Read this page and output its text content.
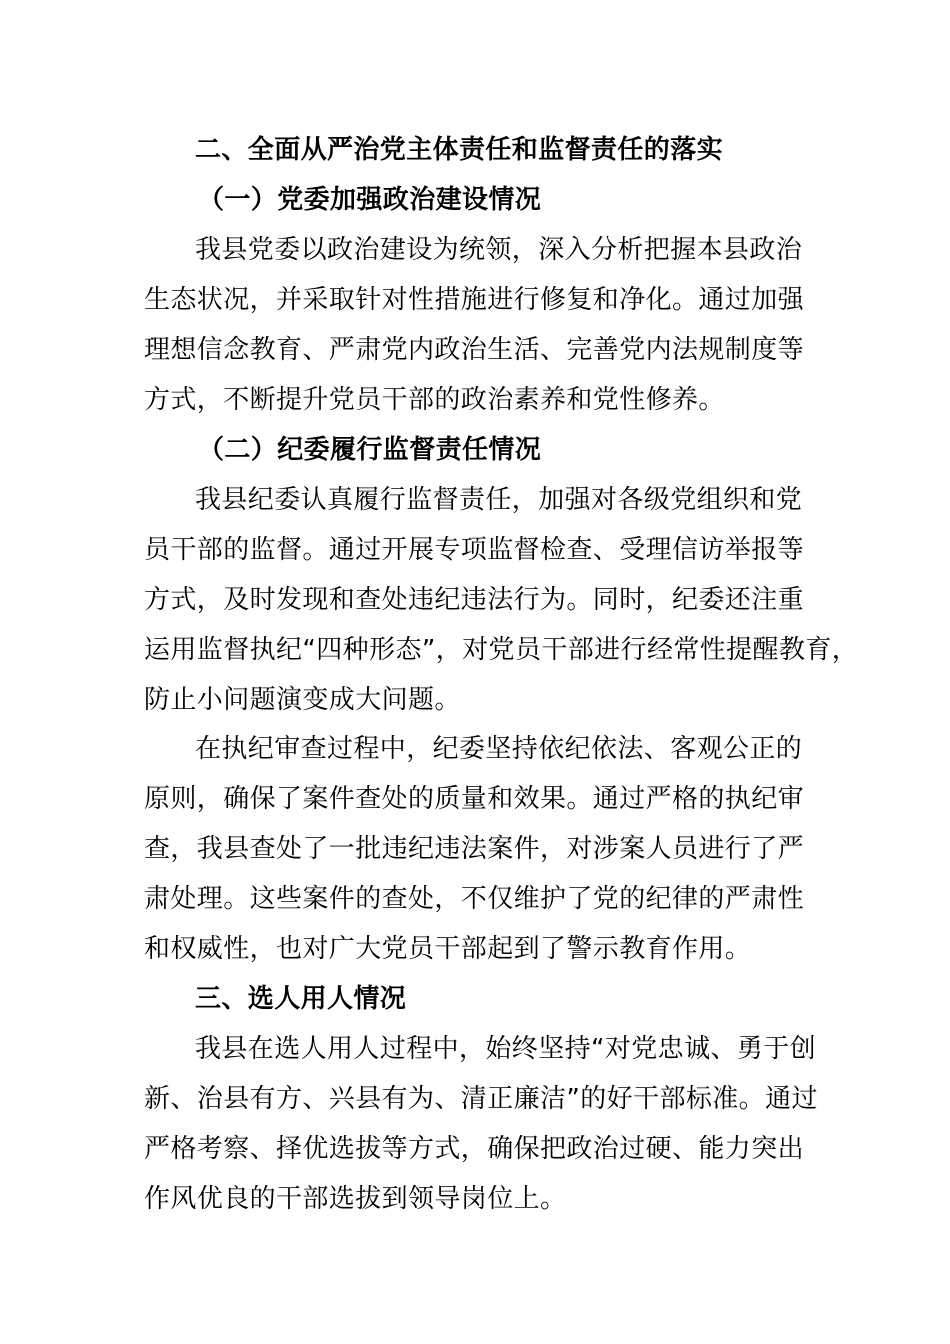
二、全面从严治党主体责任和监督责任的落实
（一）党委加强政治建设情况
我县党委以政治建设为统领，深入分析把握本县政治
生态状况，并采取针对性措施进行修复和净化。通过加强
理想信念教育、严肃党内政治生活、完善党内法规制度等
方式，不断提升党员干部的政治素养和党性修养。
（二）纪委履行监督责任情况
我县纪委认真履行监督责任，加强对各级党组织和党
员干部的监督。通过开展专项监督检查、受理信访举报等
方式，及时发现和查处违纪违法行为。同时，纪委还注重
运用监督执纪“四种形态”，对党员干部进行经常性提醒教育，
防止小问题演变成大问题。
在执纪审查过程中，纪委坚持依纪依法、客观公正的
原则，确保了案件查处的质量和效果。通过严格的执纪审
查，我县查处了一批违纪违法案件，对涉案人员进行了严
肃处理。这些案件的查处，不仅维护了党的纪律的严肃性
和权威性，也对广大党员干部起到了警示教育作用。
三、选人用人情况
我县在选人用人过程中，始终坚持“对党忠诚、勇于创
新、治县有方、兴县有为、清正廉洁”的好干部标准。通过
严格考察、择优选拔等方式，确保把政治过硬、能力突出
作风优良的干部选拔到领导岗位上。
